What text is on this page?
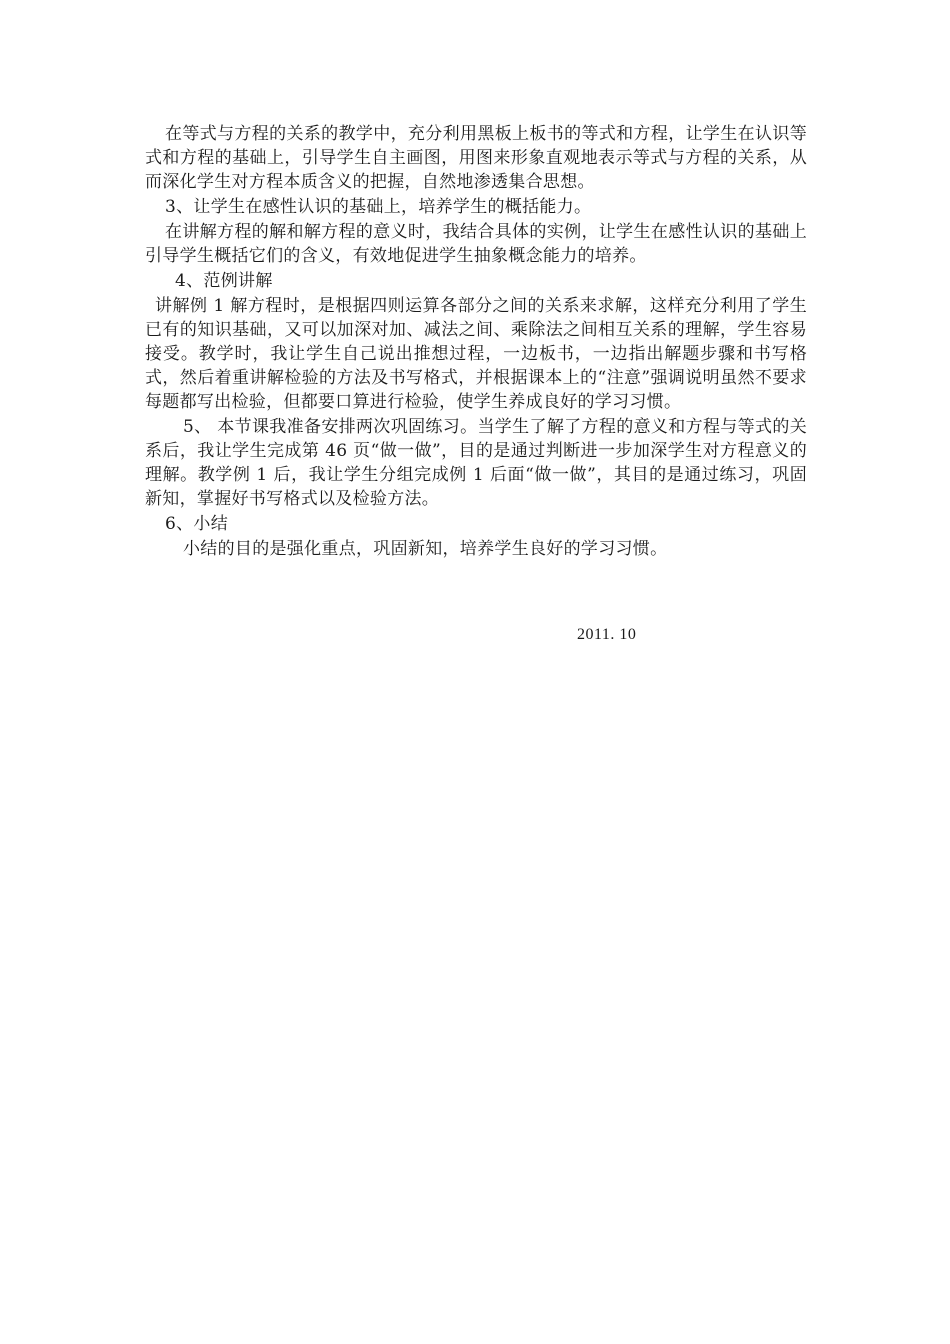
在等式与方程的关系的教学中，充分利用黑板上板书的等式和方程，让学生在认识等式和方程的基础上，引导学生自主画图，用图来形象直观地表示等式与方程的关系，从而深化学生对方程本质含义的把握，自然地渗透集合思想。

3、让学生在感性认识的基础上，培养学生的概括能力。

在讲解方程的解和解方程的意义时，我结合具体的实例，让学生在感性认识的基础上引导学生概括它们的含义，有效地促进学生抽象概念能力的培养。

4、范例讲解

讲解例 1 解方程时，是根据四则运算各部分之间的关系来求解，这样充分利用了学生已有的知识基础，又可以加深对加、减法之间、乘除法之间相互关系的理解，学生容易接受。教学时，我让学生自己说出推想过程，一边板书，一边指出解题步骤和书写格式，然后着重讲解检验的方法及书写格式，并根据课本上的“注意”强调说明虽然不要求每题都写出检验，但都要口算进行检验，使学生养成良好的学习习惯。

5、 本节课我准备安排两次巩固练习。当学生了解了方程的意义和方程与等式的关系后，我让学生完成第 46 页“做一做”，目的是通过判断进一步加深学生对方程意义的理解。教学例 1 后，我让学生分组完成例 1 后面“做一做”，其目的是通过练习，巩固新知，掌握好书写格式以及检验方法。

6、小结

小结的目的是强化重点，巩固新知，培养学生良好的学习习惯。

2011. 10
